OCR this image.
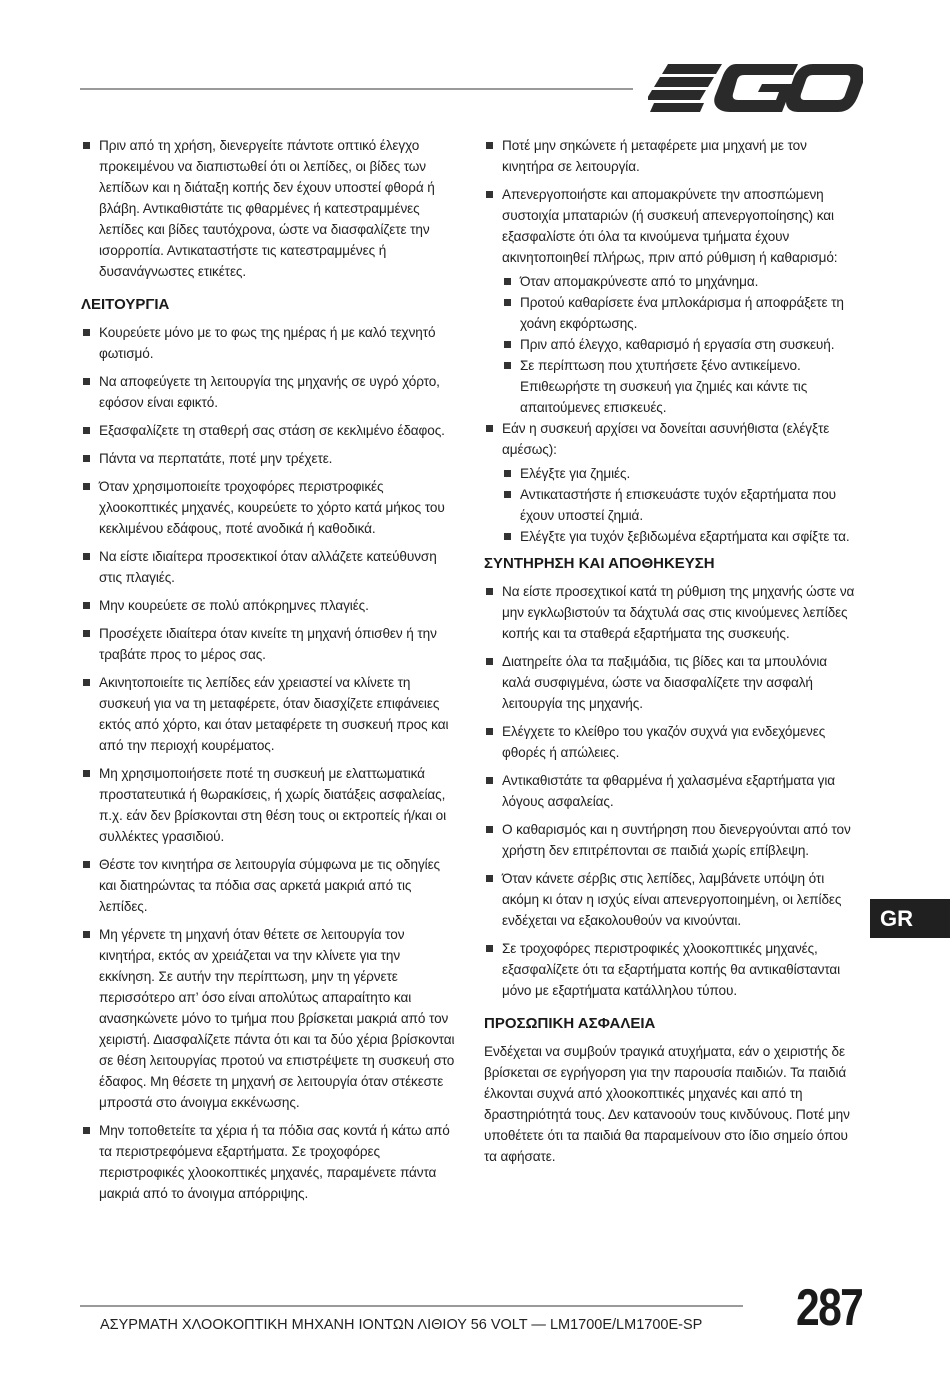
Πριν από τη χρήση, διενεργείτε πάντοτε οπτικό έλεγχο προκειμένου να διαπιστωθεί ότι οι λεπίδες, οι βίδες των λεπίδων και η διάταξη κοπής δεν έχουν υποστεί φθορά ή βλάβη. Αντικαθιστάτε τις φθαρμένες ή κατεστραμμένες λεπίδες και βίδες ταυτόχρονα, ώστε να διασφαλίζετε την ισορροπία. Αντικαταστήστε τις κατεστραμμένες ή δυσανάγνωστες ετικέτες.
ΛΕΙΤΟΥΡΓΙΑ
Κουρεύετε μόνο με το φως της ημέρας ή με καλό τεχνητό φωτισμό.
Να αποφεύγετε τη λειτουργία της μηχανής σε υγρό χόρτο, εφόσον είναι εφικτό.
Εξασφαλίζετε τη σταθερή σας στάση σε κεκλιμένο έδαφος.
Πάντα να περπατάτε, ποτέ μην τρέχετε.
Όταν χρησιμοποιείτε τροχοφόρες περιστροφικές χλοοκοπτικές μηχανές, κουρεύετε το χόρτο κατά μήκος του κεκλιμένου εδάφους, ποτέ ανοδικά ή καθοδικά.
Να είστε ιδιαίτερα προσεκτικοί όταν αλλάζετε κατεύθυνση στις πλαγιές.
Μην κουρεύετε σε πολύ απόκρημνες πλαγιές.
Προσέχετε ιδιαίτερα όταν κινείτε τη μηχανή όπισθεν ή την τραβάτε προς το μέρος σας.
Ακινητοποιείτε τις λεπίδες εάν χρειαστεί να κλίνετε τη συσκευή για να τη μεταφέρετε, όταν διασχίζετε επιφάνειες εκτός από χόρτο, και όταν μεταφέρετε τη συσκευή προς και από την περιοχή κουρέματος.
Μη χρησιμοποιήσετε ποτέ τη συσκευή με ελαττωματικά προστατευτικά ή θωρακίσεις, ή χωρίς διατάξεις ασφαλείας, π.χ. εάν δεν βρίσκονται στη θέση τους οι εκτροπείς ή/και οι συλλέκτες γρασιδιού.
Θέστε τον κινητήρα σε λειτουργία σύμφωνα με τις οδηγίες και διατηρώντας τα πόδια σας αρκετά μακριά από τις λεπίδες.
Μη γέρνετε τη μηχανή όταν θέτετε σε λειτουργία τον κινητήρα, εκτός αν χρειάζεται να την κλίνετε για την εκκίνηση. Σε αυτήν την περίπτωση, μην τη γέρνετε περισσότερο απ’ όσο είναι απολύτως απαραίτητο και ανασηκώνετε μόνο το τμήμα που βρίσκεται μακριά από τον χειριστή. Διασφαλίζετε πάντα ότι και τα δύο χέρια βρίσκονται σε θέση λειτουργίας προτού να επιστρέψετε τη συσκευή στο έδαφος. Μη θέσετε τη μηχανή σε λειτουργία όταν στέκεστε μπροστά στο άνοιγμα εκκένωσης.
Μην τοποθετείτε τα χέρια ή τα πόδια σας κοντά ή κάτω από τα περιστρεφόμενα εξαρτήματα. Σε τροχοφόρες περιστροφικές χλοοκοπτικές μηχανές, παραμένετε πάντα μακριά από το άνοιγμα απόρριψης.
Ποτέ μην σηκώνετε ή μεταφέρετε μια μηχανή με τον κινητήρα σε λειτουργία.
Απενεργοποιήστε και απομακρύνετε την αποσπώμενη συστοιχία μπαταριών (ή συσκευή απενεργοποίησης) και εξασφαλίστε ότι όλα τα κινούμενα τμήματα έχουν ακινητοποιηθεί πλήρως, πριν από ρύθμιση ή καθαρισμό:
Όταν απομακρύνεστε από το μηχάνημα.
Προτού καθαρίσετε ένα μπλοκάρισμα ή αποφράξετε τη χοάνη εκφόρτωσης.
Πριν από έλεγχο, καθαρισμό ή εργασία στη συσκευή.
Σε περίπτωση που χτυπήσετε ξένο αντικείμενο. Επιθεωρήστε τη συσκευή για ζημιές και κάντε τις απαιτούμενες επισκευές.
Εάν η συσκευή αρχίσει να δονείται ασυνήθιστα (ελέγξτε αμέσως):
Ελέγξτε για ζημιές.
Αντικαταστήστε ή επισκευάστε τυχόν εξαρτήματα που έχουν υποστεί ζημιά.
Ελέγξτε για τυχόν ξεβιδωμένα εξαρτήματα και σφίξτε τα.
ΣΥΝΤΗΡΗΣΗ ΚΑΙ ΑΠΟΘΗΚΕΥΣΗ
Να είστε προσεχτικοί κατά τη ρύθμιση της μηχανής ώστε να μην εγκλωβιστούν τα δάχτυλά σας στις κινούμενες λεπίδες κοπής και τα σταθερά εξαρτήματα της συσκευής.
Διατηρείτε όλα τα παξιμάδια, τις βίδες και τα μπουλόνια καλά συσφιγμένα, ώστε να διασφαλίζετε την ασφαλή λειτουργία της μηχανής.
Ελέγχετε το κλείθρο του γκαζόν συχνά για ενδεχόμενες φθορές ή απώλειες.
Αντικαθιστάτε τα φθαρμένα ή χαλασμένα εξαρτήματα για λόγους ασφαλείας.
Ο καθαρισμός και η συντήρηση που διενεργούνται από τον χρήστη δεν επιτρέπονται σε παιδιά χωρίς επίβλεψη.
Όταν κάνετε σέρβις στις λεπίδες, λαμβάνετε υπόψη ότι ακόμη κι όταν η ισχύς είναι απενεργοποιημένη, οι λεπίδες ενδέχεται να εξακολουθούν να κινούνται.
Σε τροχοφόρες περιστροφικές χλοοκοπτικές μηχανές, εξασφαλίζετε ότι τα εξαρτήματα κοπής θα αντικαθίστανται μόνο με εξαρτήματα κατάλληλου τύπου.
ΠΡΟΣΩΠΙΚΗ ΑΣΦΑΛΕΙΑ

Ενδέχεται να συμβούν τραγικά ατυχήματα, εάν ο χειριστής δε βρίσκεται σε εγρήγορση για την παρουσία παιδιών. Τα παιδιά έλκονται συχνά από χλοοκοπτικές μηχανές και από τη δραστηριότητά τους. Δεν κατανοούν τους κινδύνους. Ποτέ μην υποθέτετε ότι τα παιδιά θα παραμείνουν στο ίδιο σημείο όπου τα αφήσατε.

GR
ΑΣΥΡΜΑΤΗ ΧΛΟΟΚΟΠΤΙΚΗ ΜΗΧΑΝΗ ΙΟΝΤΩΝ ΛΙΘΙΟΥ 56 VOLT — LM1700E/LM1700E-SP 287
